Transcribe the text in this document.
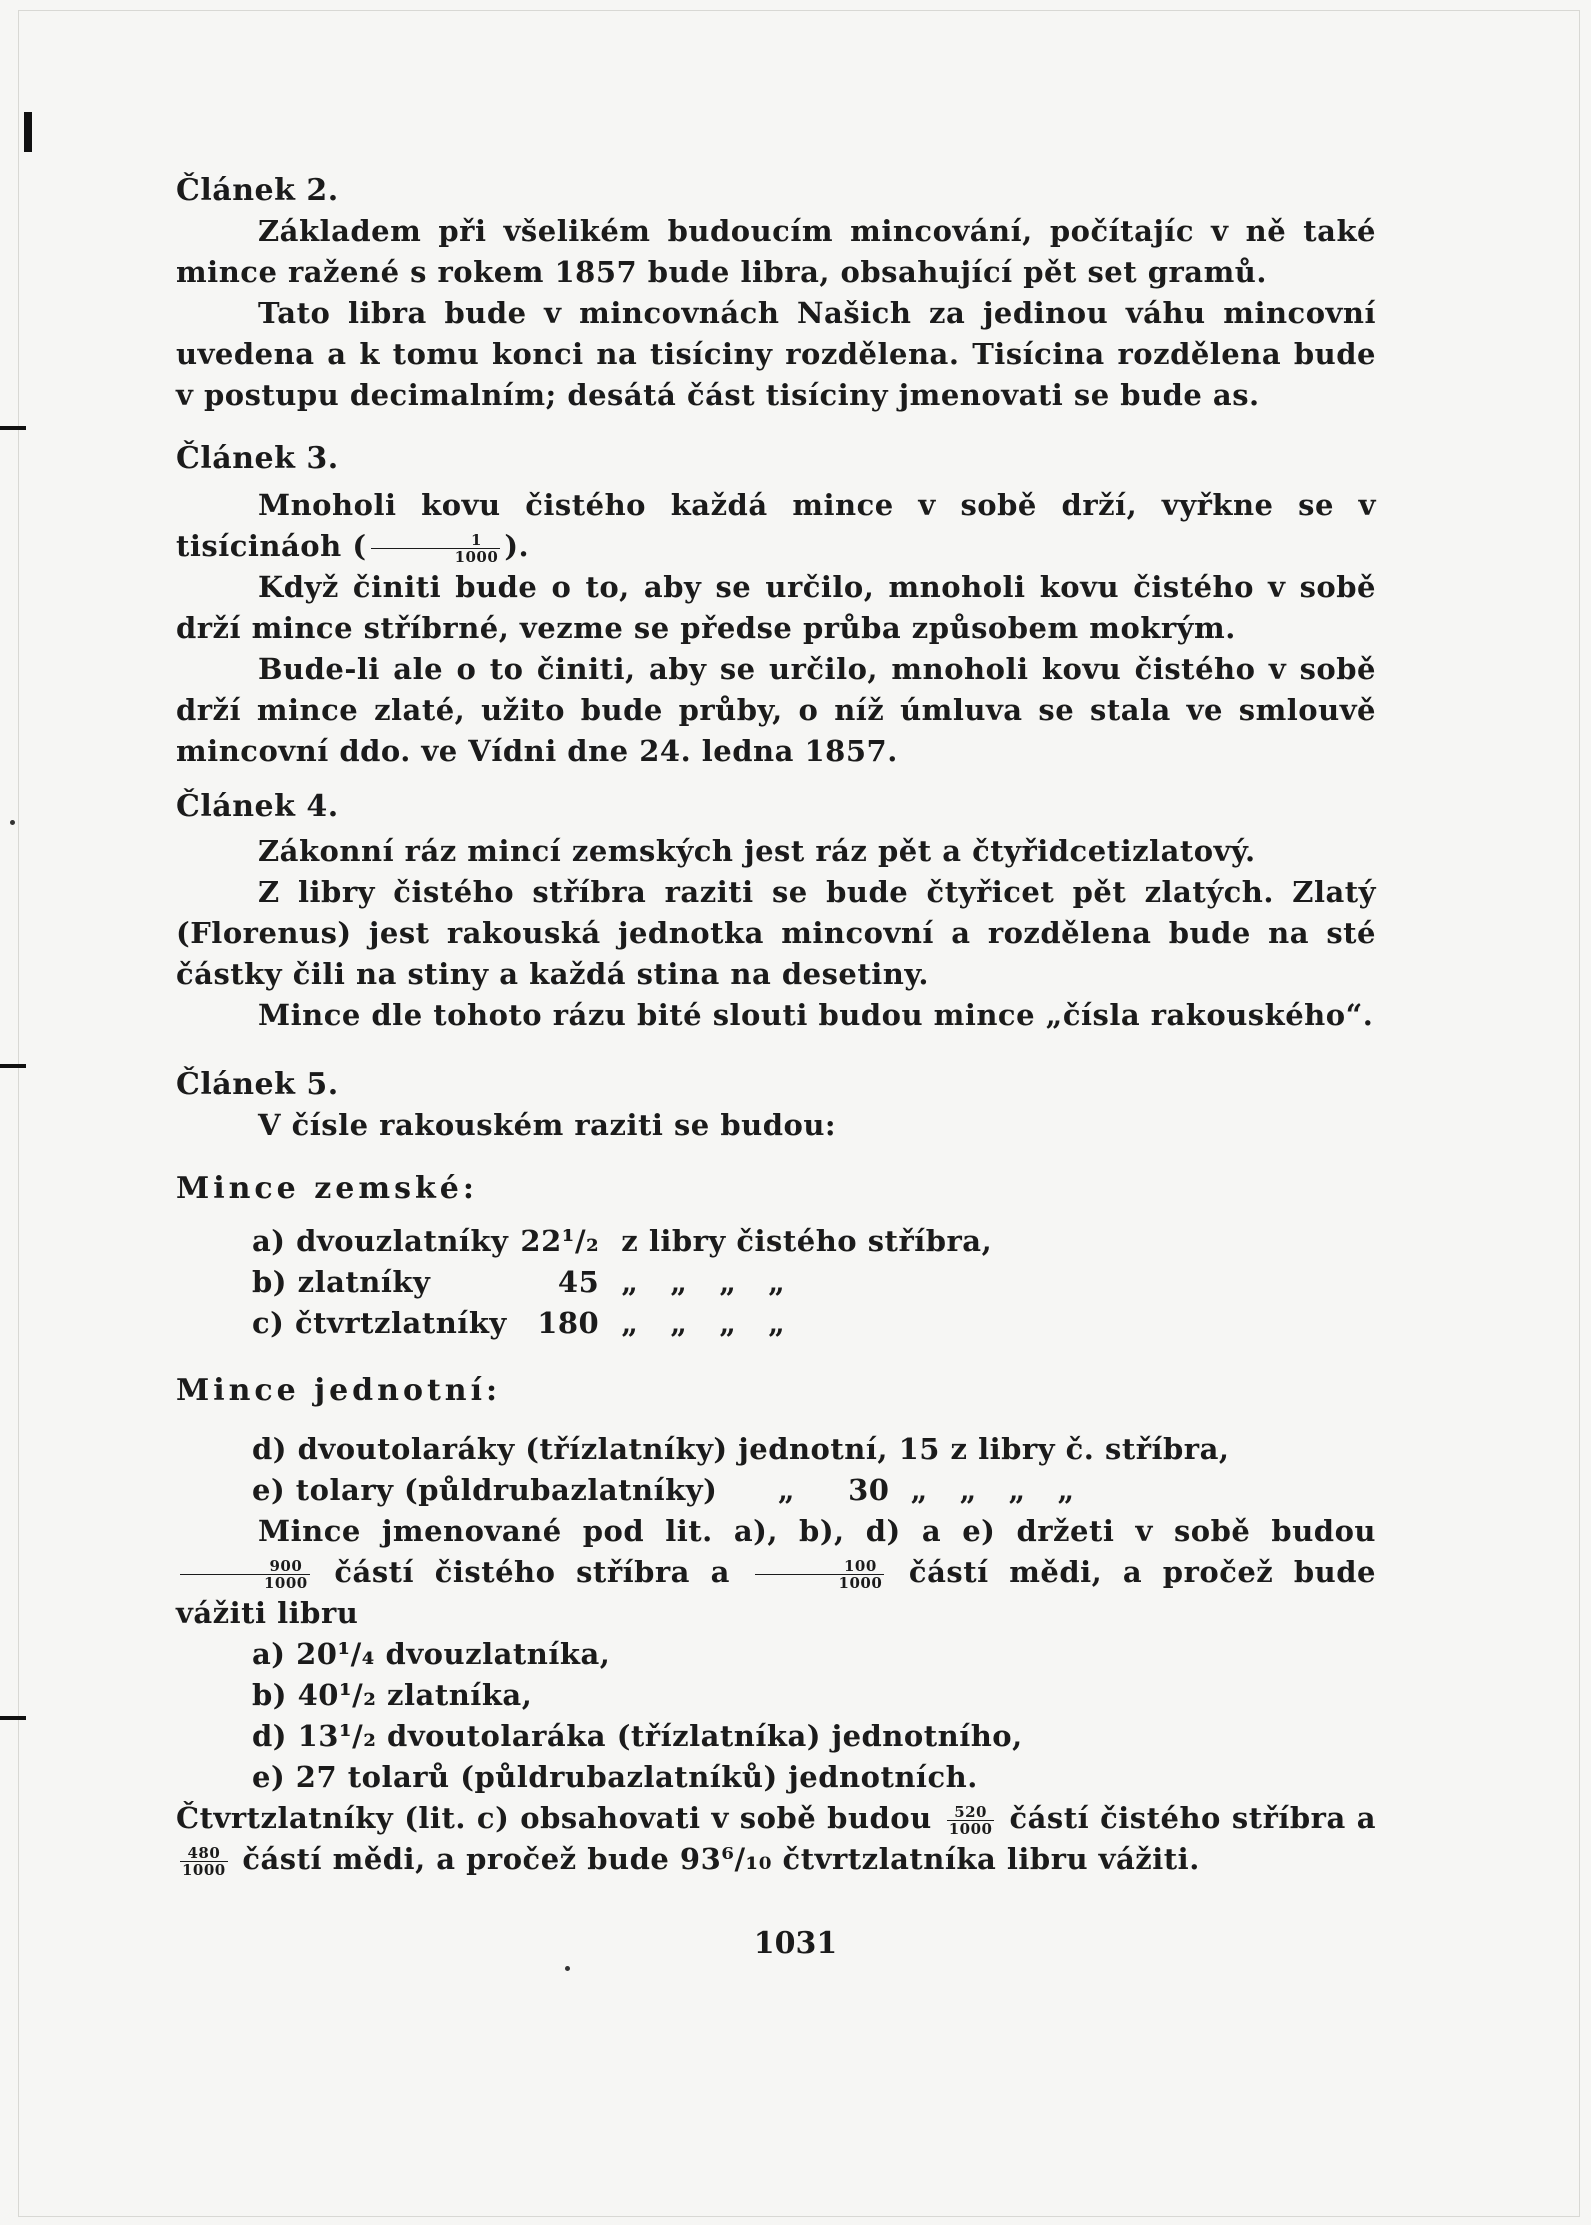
Článek 2.

Základem při všelikém budoucím mincování, počítajíc v ně také mince ražené s rokem 1857 bude libra, obsahující pět set gramů.

Tato libra bude v mincovnách Našich za jedinou váhu mincovní uvedena a k tomu konci na tisíciny rozdělena. Tisícina rozdělena bude v postupu decimalním; desátá část tisíciny jmenovati se bude as.

Článek 3.

Mnoholi kovu čistého každá mince v sobě drží, vyřkne se v tisícináoh ( $\frac{1}{1000}$ ).

Když činiti bude o to, aby se určilo, mnoholi kovu čistého v sobě drží mince stříbrné, vezme se předse průba způsobem mokrým.

Bude-li ale o to činiti, aby se určilo, mnoholi kovu čistého v sobě drží mince zlaté, užito bude průby, o níž úmluva se stala ve smlouvě mincovní ddo. ve Vídni dne 24. ledna 1857.

Článek 4.

Zákonní ráz mincí zemských jest ráz pět a čtyřidcetizlatový.

Z libry čistého stříbra raziti se bude čtyřicet pět zlatých. Zlatý (Florenus) jest rakouská jednotka mincovní a rozdělena bude na sté částky čili na stiny a každá stina na desetiny.

Mince dle tohoto rázu bité slouti budou mince „čísla rakouského“.

Článek 5.

V čísle rakouském raziti se budou:

Mince zemské:

a) dvouzlatníky	22¹/₂	z libry čistého stříbra,
b) zlatníky	45	„   „   „   „
c) čtvrtzlatníky	180	„   „   „   „

Mince jednotní:

d) dvoutolaráky (třízlatníky) jednotní, 15 z libry č. stříbra,

e) tolary (půldrubazlatníky) „     30  „   „   „   „

Mince jmenované pod lit. a), b), d) a e) držeti v sobě budou
$\frac{900}{1000}$ částí čistého stříbra a $\frac{100}{1000}$ částí mědi, a pročež bude vážiti libru

a) 20¹/₄ dvouzlatníka,

b) 40¹/₂ zlatníka,

d) 13¹/₂ dvoutolaráka (třízlatníka) jednotního,

e) 27 tolarů (půldrubazlatníků) jednotních.

Čtvrtzlatníky (lit. c) obsahovati v sobě budou $\frac{520}{1000}$ částí čistého stříbra a
$\frac{480}{1000}$ částí mědi, a pročež bude 93⁶/₁₀ čtvrtzlatníka libru vážiti.

1031
